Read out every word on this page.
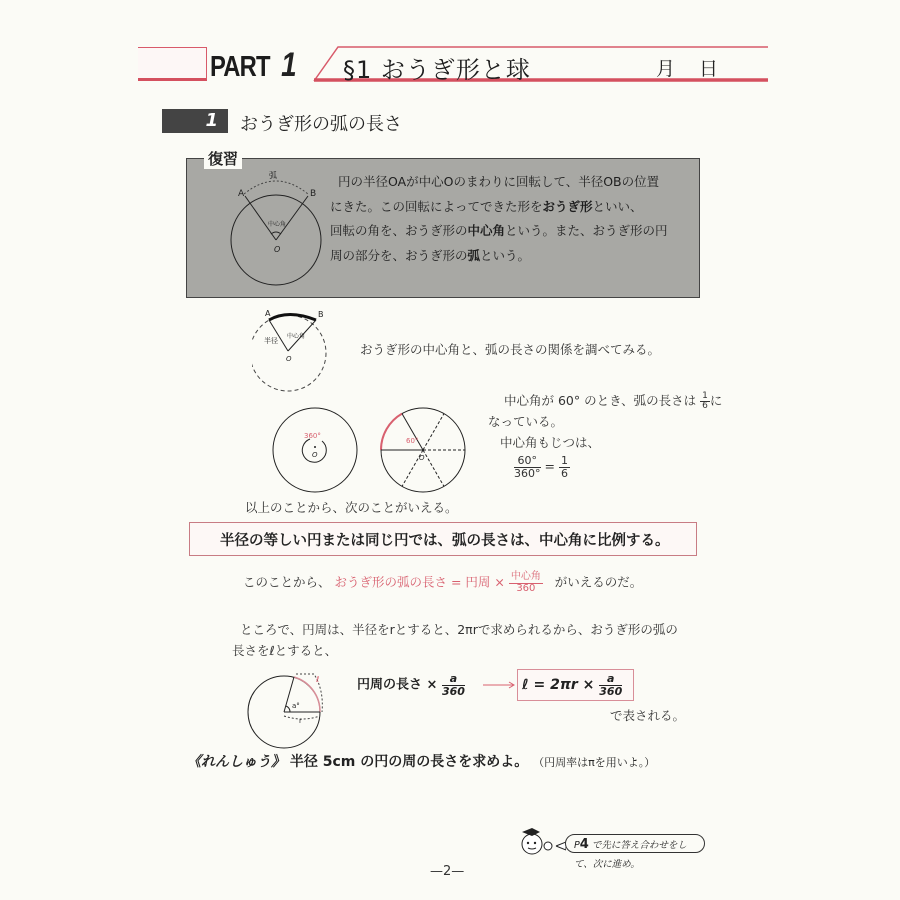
PART 1 §1 おうぎ形と球	月 日
1	おうぎ形の弧の長さ
復習
弧
A	B
中心角
O
円の半径OAが中心Oのまわりに回転して、半径OBの位置
にきた。この回転によってできた形をおうぎ形といい、
回転の角を、おうぎ形の中心角という。また、おうぎ形の円
周の部分を、おうぎ形の弧という。
A	B
半径
中心角
O
おうぎ形の中心角と、弧の長さの関係を調べてみる。
360°
O
60°
O
中心角が 60° のとき、弧の長さは $\frac{1}{6}$ に
なっている。
中心角もじつは、
$\frac{60^\circ}{360^\circ} = \frac{1}{6}$
以上のことから、次のことがいえる。
半径の等しい円または同じ円では、弧の長さは、中心角に比例する。
このことから、 おうぎ形の弧の長さ = 円周 × $\frac{\text{中心角}}{360}$ がいえるのだ。
ところで、円周は、半径をrとすると、2πrで求められるから、おうぎ形の弧の
長さをℓとすると、
ℓ
a°
r
円周の長さ × $\frac{a}{360}$	ℓ = $2\pi r \times \frac{a}{360}$
で表される。
《れんしゅう》 半径 5cm の円の周の長さを求めよ。 （円周率はπを用いよ。）
P4 で先に答え合わせをして、次に進め。
—2—
